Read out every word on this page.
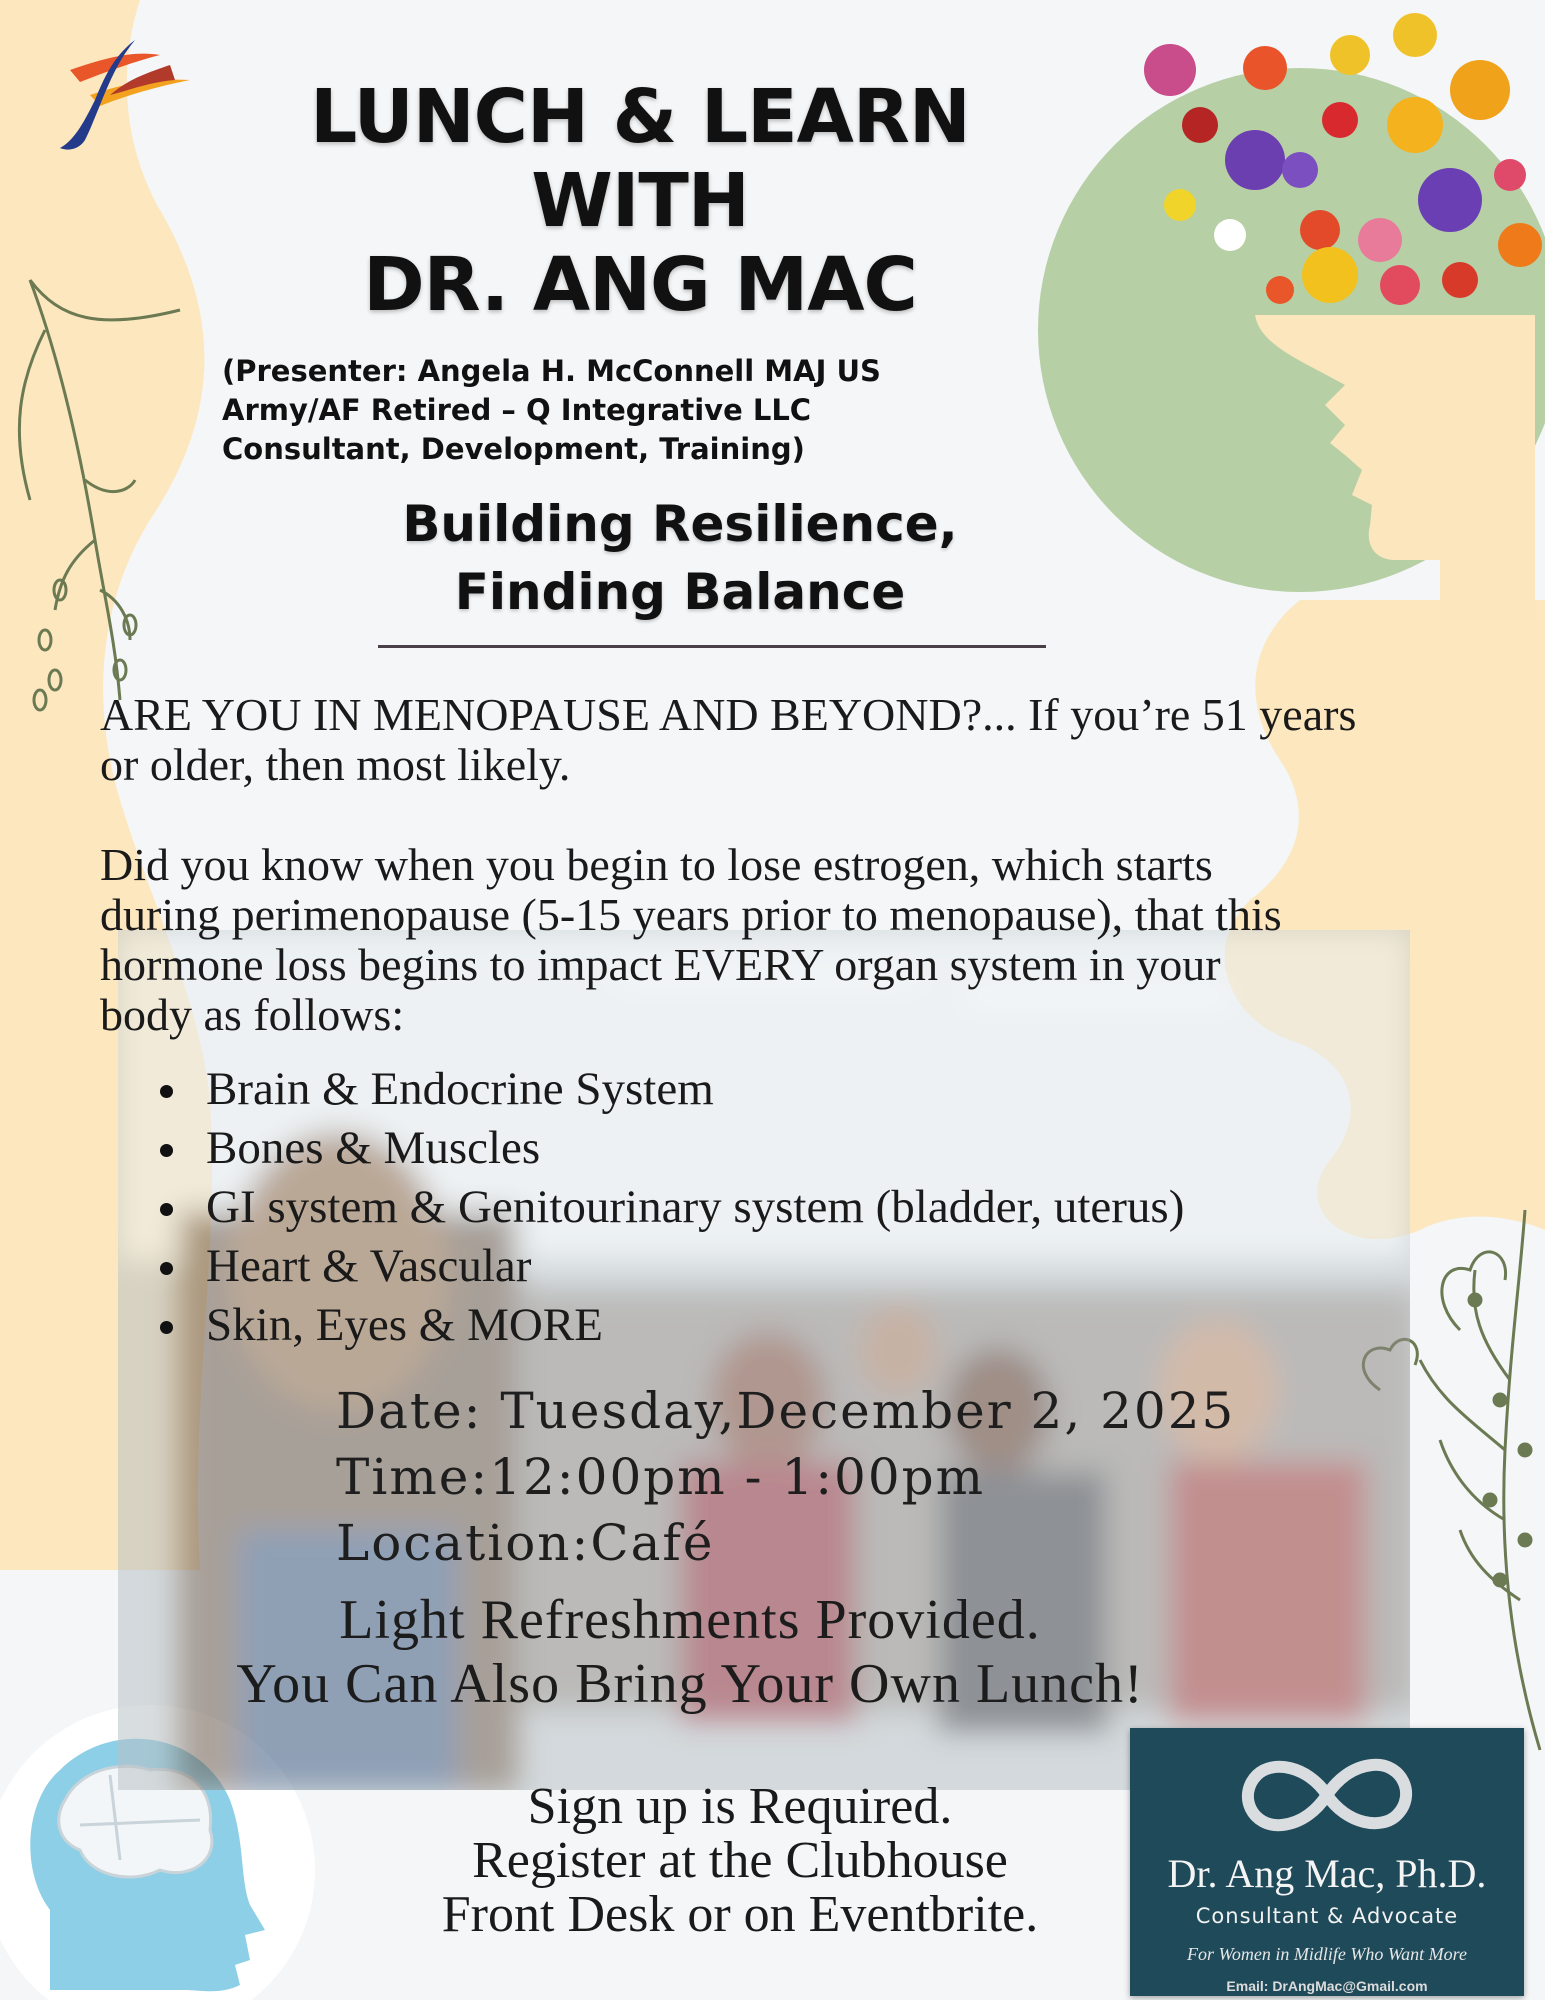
LUNCH & LEARN
WITH
DR. ANG MAC
(Presenter: Angela H. McConnell MAJ US
Army/AF Retired – Q Integrative LLC
Consultant, Development, Training)
Building Resilience,
Finding Balance

ARE YOU IN MENOPAUSE AND BEYOND?... If you’re 51 years

or older, then most likely.

Did you know when you begin to lose estrogen, which starts

during perimenopause (5-15 years prior to menopause), that this

hormone loss begins to impact EVERY organ system in your

body as follows:

Brain & Endocrine System
Bones & Muscles
GI system & Genitourinary system (bladder, uterus)
Heart & Vascular
Skin, Eyes & MORE
Date: Tuesday,December 2, 2025
Time:12:00pm - 1:00pm
Location:Café
Light Refreshments Provided.
You Can Also Bring Your Own Lunch!
Sign up is Required.
Register at the Clubhouse
Front Desk or on Eventbrite.
Dr. Ang Mac, Ph.D.
Consultant & Advocate
For Women in Midlife Who Want More
Email: DrAngMac@Gmail.com
